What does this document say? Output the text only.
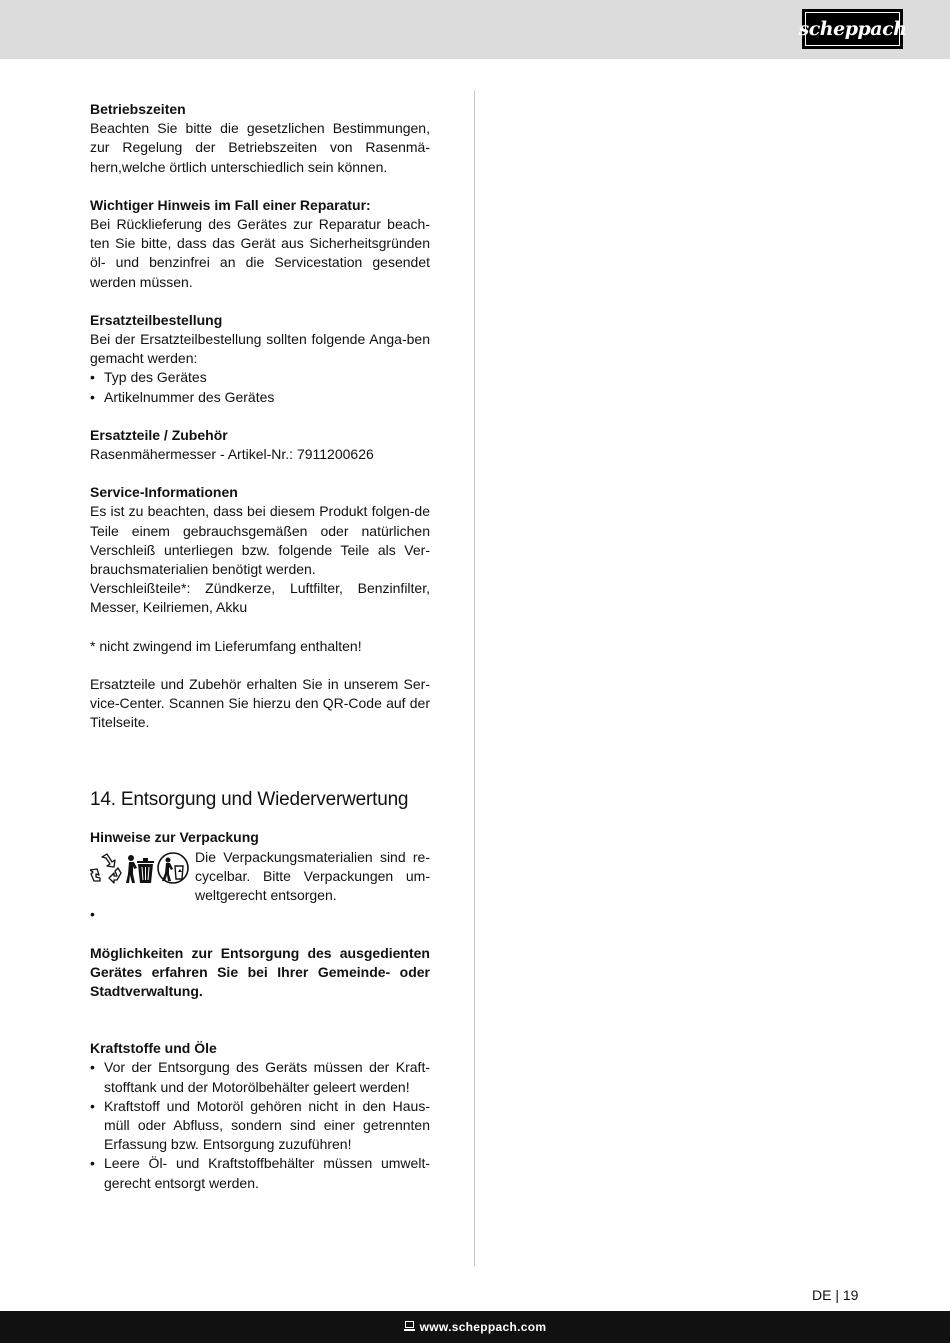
scheppach
Betriebszeiten
Beachten Sie bitte die gesetzlichen Bestimmungen, zur Regelung der Betriebszeiten von Rasenmä-hern,welche örtlich unterschiedlich sein können.
Wichtiger Hinweis im Fall einer Reparatur:
Bei Rücklieferung des Gerätes zur Reparatur beach-ten Sie bitte, dass das Gerät aus Sicherheitsgründen öl- und benzinfrei an die Servicestation gesendet werden müssen.
Ersatzteilbestellung
Bei der Ersatzteilbestellung sollten folgende Anga-ben gemacht werden:
• Typ des Gerätes
• Artikelnummer des Gerätes
Ersatzteile / Zubehör
Rasenmähermesser - Artikel-Nr.: 7911200626
Service-Informationen
Es ist zu beachten, dass bei diesem Produkt folgen-de Teile einem gebrauchsgemäßen oder natürlichen Verschleiß unterliegen bzw. folgende Teile als Ver-brauchsmaterialien benötigt werden.
Verschleißteile*: Zündkerze, Luftfilter, Benzinfilter, Messer, Keilriemen, Akku
* nicht zwingend im Lieferumfang enthalten!
Ersatzteile und Zubehör erhalten Sie in unserem Ser-vice-Center. Scannen Sie hierzu den QR-Code auf der Titelseite.
14. Entsorgung und Wiederverwertung
Hinweise zur Verpackung
Die Verpackungsmaterialien sind re-cycelbar. Bitte Verpackungen um-weltgerecht entsorgen.
•
Möglichkeiten zur Entsorgung des ausgedienten Gerätes erfahren Sie bei Ihrer Gemeinde- oder Stadtverwaltung.
Kraftstoffe und Öle
• Vor der Entsorgung des Geräts müssen der Kraft-stofftank und der Motorölbehälter geleert werden!
• Kraftstoff und Motoröl gehören nicht in den Haus-müll oder Abfluss, sondern sind einer getrennten Erfassung bzw. Entsorgung zuzuführen!
• Leere Öl- und Kraftstoffbehälter müssen umwelt-gerecht entsorgt werden.
DE | 19
www.scheppach.com
